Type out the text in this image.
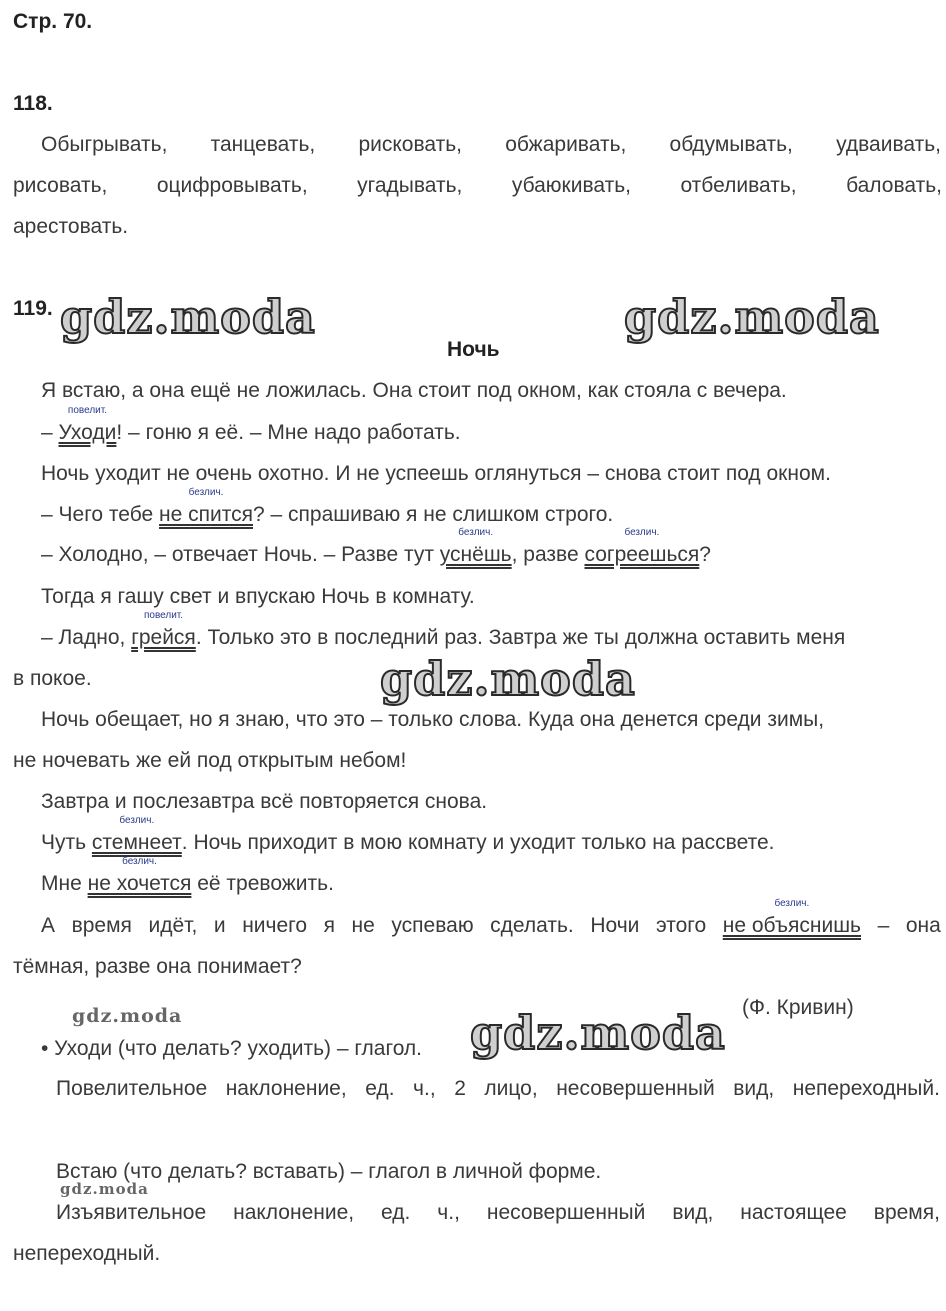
Стр. 70.
118.
Обыгрывать, танцевать, рисковать, обжаривать, обдумывать, удваивать,
рисовать, оцифровывать, угадывать, убаюкивать, отбеливать, баловать,
арестовать.
119.
Ночь
Я встаю, а она ещё не ложилась. Она стоит под окном, как стояла с вечера.
–
повелит.
Уходи! – гоню я её. – Мне надо работать.
Ночь уходит не очень охотно. И не успеешь оглянуться – снова стоит под окном.
– Чего тебе
безлич.
не спится? – спрашиваю я не слишком строго.
– Холодно, – отвечает Ночь. – Разве тут
безлич.
уснёшь, разве
безлич.
согреешься?
Тогда я гашу свет и впускаю Ночь в комнату.
– Ладно,
повелит.
грейся. Только это в последний раз. Завтра же ты должна оставить меня
в покое.
Ночь обещает, но я знаю, что это – только слова. Куда она денется среди зимы,
не ночевать же ей под открытым небом!
Завтра и послезавтра всё повторяется снова.
Чуть
безлич.
стемнеет. Ночь приходит в мою комнату и уходит только на рассвете.
Мне
безлич.
не хочется её тревожить.
А время идёт, и ничего я не успеваю сделать. Ночи этого
безлич.
не объяснишь – она
тёмная, разве она понимает?
(Ф. Кривин)
• Уходи (что делать? уходить) – глагол.
Повелительное наклонение, ед. ч., 2 лицо, несовершенный вид, непереходный.
Встаю (что делать? вставать) – глагол в личной форме.
Изъявительное наклонение, ед. ч., несовершенный вид, настоящее время,
непереходный.
gdz.moda	gdz.moda
gdz.moda
gdz.moda
gdz.moda
gdz.moda
